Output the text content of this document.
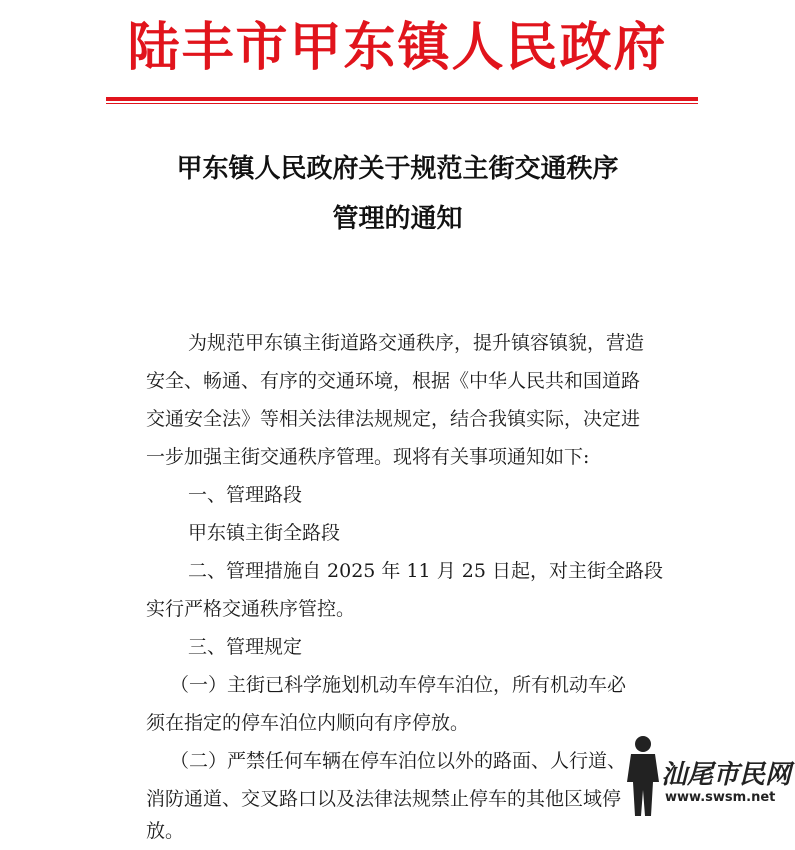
陆丰市甲东镇人民政府
甲东镇人民政府关于规范主街交通秩序
管理的通知
为规范甲东镇主街道路交通秩序，提升镇容镇貌，营造
安全、畅通、有序的交通环境，根据《中华人民共和国道路
交通安全法》等相关法律法规规定，结合我镇实际，决定进
一步加强主街交通秩序管理。现将有关事项通知如下:
一、管理路段
甲东镇主街全路段
二、管理措施自 2025 年 11 月 25 日起，对主街全路段
实行严格交通秩序管控。
三、管理规定
（一）主街已科学施划机动车停车泊位，所有机动车必
须在指定的停车泊位内顺向有序停放。
（二）严禁任何车辆在停车泊位以外的路面、人行道、
消防通道、交叉路口以及法律法规禁止停车的其他区域停
放。
汕尾市民网
www.swsm.net
